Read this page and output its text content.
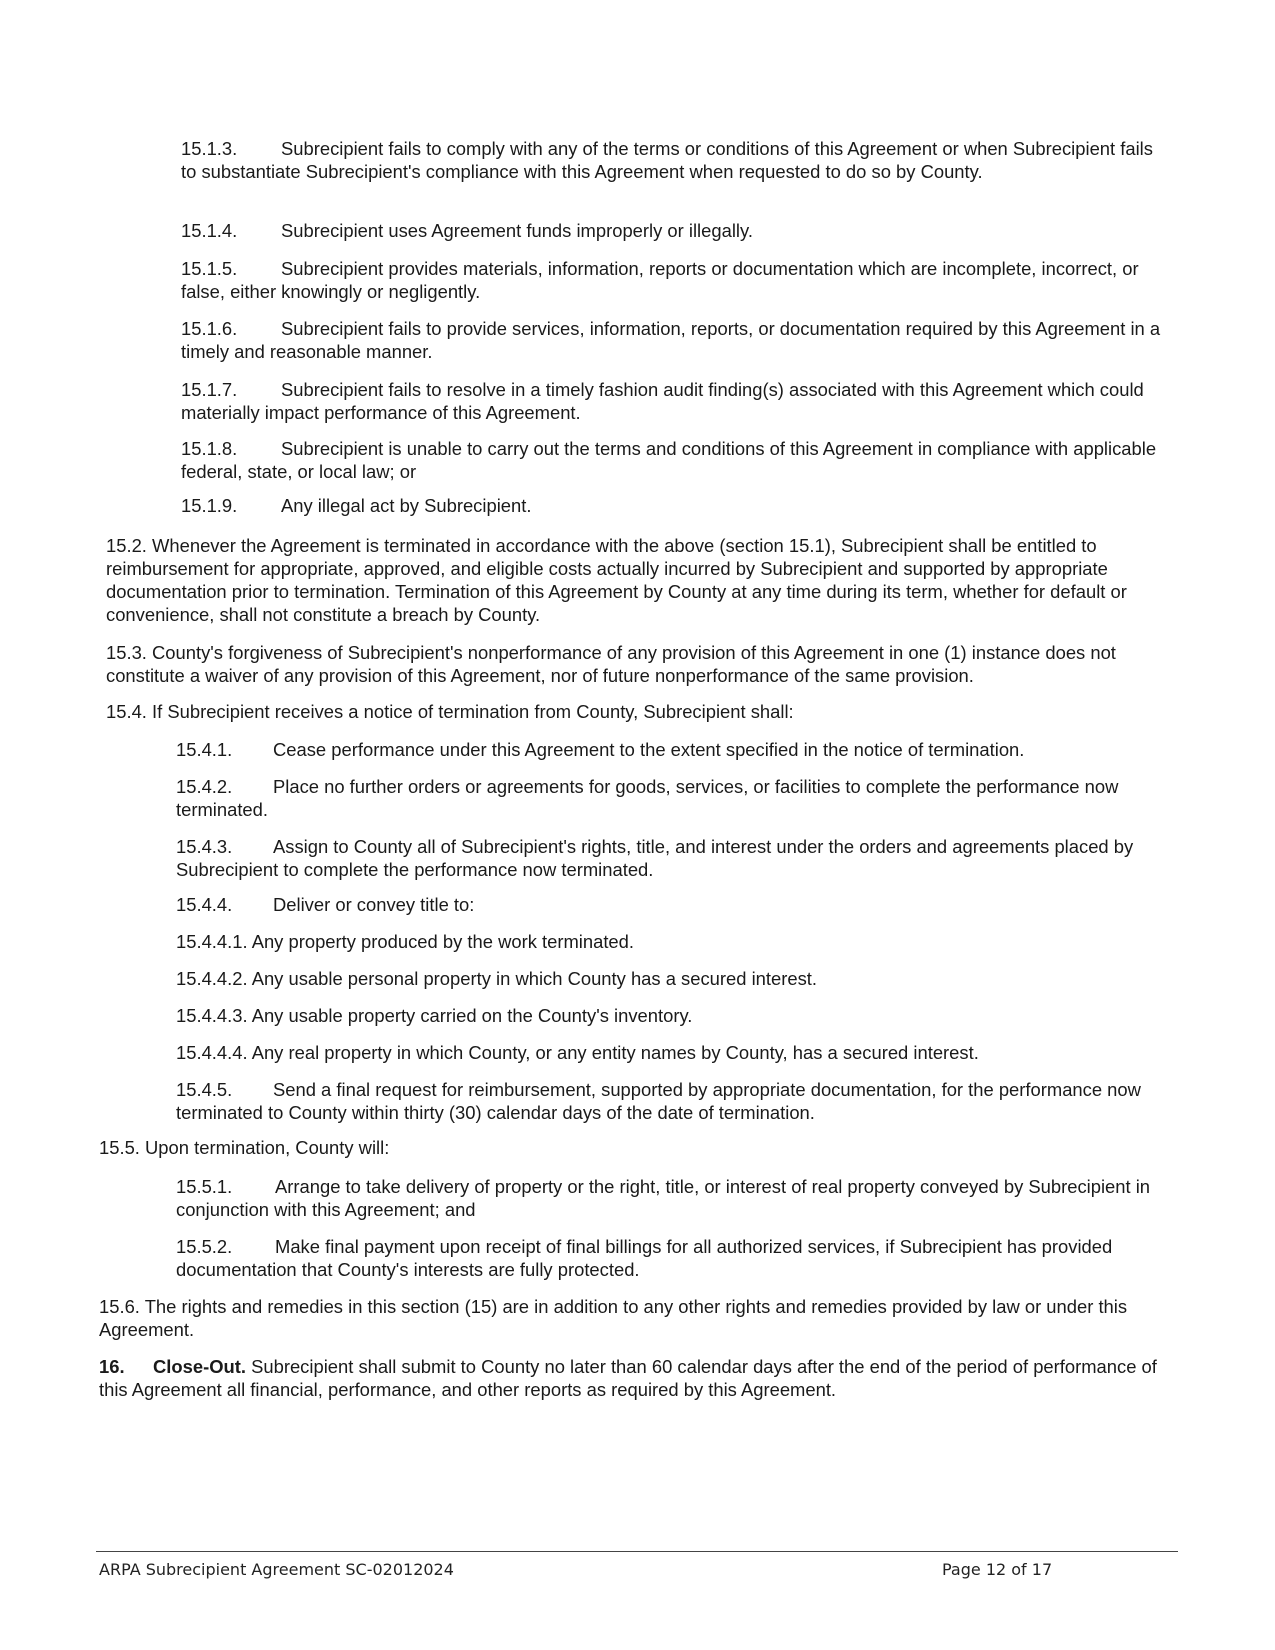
15.1.3. Subrecipient fails to comply with any of the terms or conditions of this Agreement or when Subrecipient fails to substantiate Subrecipient's compliance with this Agreement when requested to do so by County.

15.1.4. Subrecipient uses Agreement funds improperly or illegally.

15.1.5. Subrecipient provides materials, information, reports or documentation which are incomplete, incorrect, or false, either knowingly or negligently.

15.1.6. Subrecipient fails to provide services, information, reports, or documentation required by this Agreement in a timely and reasonable manner.

15.1.7. Subrecipient fails to resolve in a timely fashion audit finding(s) associated with this Agreement which could materially impact performance of this Agreement.

15.1.8. Subrecipient is unable to carry out the terms and conditions of this Agreement in compliance with applicable federal, state, or local law; or

15.1.9. Any illegal act by Subrecipient.

15.2. Whenever the Agreement is terminated in accordance with the above (section 15.1), Subrecipient shall be entitled to reimbursement for appropriate, approved, and eligible costs actually incurred by Subrecipient and supported by appropriate documentation prior to termination. Termination of this Agreement by County at any time during its term, whether for default or convenience, shall not constitute a breach by County.

15.3. County's forgiveness of Subrecipient's nonperformance of any provision of this Agreement in one (1) instance does not constitute a waiver of any provision of this Agreement, nor of future nonperformance of the same provision.

15.4. If Subrecipient receives a notice of termination from County, Subrecipient shall:

15.4.1. Cease performance under this Agreement to the extent specified in the notice of termination.

15.4.2. Place no further orders or agreements for goods, services, or facilities to complete the performance now terminated.

15.4.3. Assign to County all of Subrecipient's rights, title, and interest under the orders and agreements placed by Subrecipient to complete the performance now terminated.

15.4.4. Deliver or convey title to:

15.4.4.1. Any property produced by the work terminated.

15.4.4.2. Any usable personal property in which County has a secured interest.

15.4.4.3. Any usable property carried on the County's inventory.

15.4.4.4. Any real property in which County, or any entity names by County, has a secured interest.

15.4.5. Send a final request for reimbursement, supported by appropriate documentation, for the performance now terminated to County within thirty (30) calendar days of the date of termination.

15.5. Upon termination, County will:

15.5.1. Arrange to take delivery of property or the right, title, or interest of real property conveyed by Subrecipient in conjunction with this Agreement; and

15.5.2. Make final payment upon receipt of final billings for all authorized services, if Subrecipient has provided documentation that County's interests are fully protected.

15.6. The rights and remedies in this section (15) are in addition to any other rights and remedies provided by law or under this Agreement.

16. Close-Out. Subrecipient shall submit to County no later than 60 calendar days after the end of the period of performance of this Agreement all financial, performance, and other reports as required by this Agreement.

ARPA Subrecipient Agreement SC-02012024	Page 12 of 17
